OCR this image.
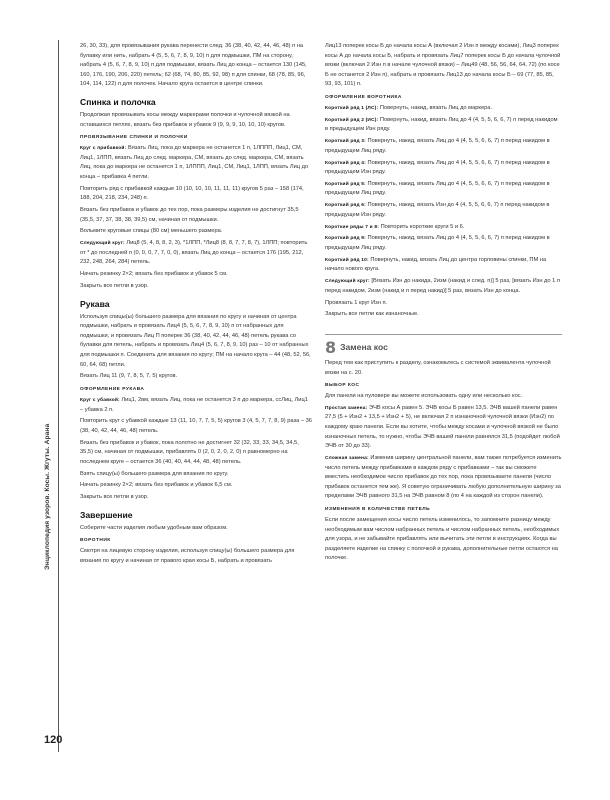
Энциклопедия узоров. Косы. Жгуты. Арана
120

26, 30, 33), для провязывания рукава перенести след. 36 (38, 40, 42, 44, 46, 48) п на булавку или нить, набрать 4 (5, 5, 6, 7, 8, 9, 10) п для подмышки, ПМ на сторону, набрать 4 (5, 6, 7, 8, 9, 10) п для подмышки, вязать Лиц до конца – остается 130 (145, 160, 176, 190, 206, 220) петель; 62 (68, 74, 80, 85, 92, 98) п для спинки, 68 (78, 85, 96, 104, 114, 122) п для полочек. Начало круга остается в центре спинки.

Спинка и полочка

Продолжая провязывать косы между маркерами полочки и чулочной вязкой на оставшихся петлях, вязать без прибавок и убавок 9 (9, 9, 9, 10, 10, 10) кругов.

ПРОВЯЗЫВАНИЕ СПИНКИ И ПОЛОЧКИ

Круг с прибавкой: Вязать Лиц, пока до маркера не останется 1 п, 1ЛППП, Лиц1, СМ, Лиц1, 1ЛПП, вязать Лиц до след. маркера, СМ, вязать до след. маркера, СМ, вязать Лиц, пока до маркера не останется 1 п, 1ЛППП, Лиц1, СМ, Лиц1, 1ЛПП, вязать Лиц до конца – прибавка 4 петли.

Повторить ряд с прибавкой каждые 10 (10, 10, 10, 11, 11, 11) кругов 5 раз – 158 (174, 188, 204, 218, 234, 248) п.

Вязать без прибавок и убавок до тех пор, пока размеры изделия не достигнут 35,5 (35,5, 37, 37, 38, 38, 39,5) см, начиная от подмышки.

Вольмите круговые спицы (80 см) меньшего размера.

Следующий круг: Лиц8 (5, 4, 8, 8, 2, 3), *1ЛПП, *Лиц8 (8, 8, 7, 7, 8, 7), 1ЛПП; повторить от * до последней п (0, 0, 0, 7, 7, 0, 0), вязать Лиц до конца – остается 176 (195, 212, 232, 248, 264, 284) петель.

Начать резинку 2×2; вязать без прибавок и убавок 5 см.

Закрыть все петли в узор.

Рукава

Используя спицы(ы) большего размера для вязания по кругу и начиная от центра подмышки, набрать и провязать Лиц4 (5, 5, 6, 7, 8, 9, 10) п от набранных для подмышки, и провязать Лиц П поперек 36 (38, 40, 42, 44, 46, 48) петель рукава со булавки для петель, набрать и провязать Лиц4 (5, 6, 7, 8, 9, 10) раз – 10 от набранных для подмышки п. Соединить для вязания по кругу; ПМ на начало круга – 44 (48, 52, 56, 60, 64, 68) петли.

Вязать Лиц 11 (9, 7, 8, 5, 7, 5) кругов.

ОФОРМЛЕНИЕ РУКАВА

Круг с убавкой: Лиц1, 2вм, вязать Лиц, пока не останется 3 п до маркера, ссЛиц, Лиц1 – убавка 2 п.

Повторить круг с убавкой каждые 13 (11, 10, 7, 7, 5, 5) кругов 3 (4, 5, 7, 7, 8, 9) раза – 36 (38, 40, 42, 44, 46, 48) петель.

Вязать без прибавок и убавок, пока полотно не достигнет 32 (32, 33, 33, 34,5, 34,5, 35,5) см, начиная от подмышки, прибавлять 0 (2, 0, 2, 0, 2, 0) п равномерно на последнем круге – остается 36 (40, 40, 44, 44, 48, 48) петель.

Взять спицу(ы) большего размера для вязания по кругу.

Начать резинку 2×2; вязать без прибавок и убавок 6,5 см.

Закрыть все петли в узор.

Завершение

Соберите части изделия любым удобным вам образом.

ВОРОТНИК

Смотря на лицевую сторону изделия, используя спицу(ы) большего размера для вязания по кругу и начиная от правого края косы Б, набрать и провязать

Лиц13 поперек косы Б до начала косы А (включая 2 Изн п между косами), Лиц3 поперек косы А до начала косы Б, набрать и провязать Лиц7 поперек косы Б до начала чулочной вязки (включая 2 Изн п в начале чулочной вязки) – Лиц49 (48, 56, 56, 64, 64, 72) (по косе Б не останется 2 Изн п), набрать и провязать Лиц13 до начала косы Б – 69 (77, 85, 85, 93, 93, 101) п.

ОФОРМЛЕНИЕ ВОРОТНИКА

Короткий ряд 1 (ЛС): Повернуть, накид, вязать Лиц до маркера.

Короткий ряд 2 (ИС): Повернуть, накид, вязать Лиц до 4 (4, 5, 5, 6, 6, 7) п перед накидом в предыдущем Изн ряду.

Короткий ряд 3: Повернуть, накид, вязать Лиц до 4 (4, 5, 5, 6, 6, 7) п перед накидом в предыдущем Лиц ряду.

Короткий ряд 4: Повернуть, накид, вязать Лиц до 4 (4, 5, 5, 6, 6, 7) п перед накидом в предыдущем Изн ряду.

Короткий ряд 5: Повернуть, накид, вязать Лиц до 4 (4, 5, 5, 6, 6, 7) п перед накидом в предыдущем Лиц ряду.

Короткий ряд 6: Повернуть, накид, вязать Изн до 4 (4, 5, 5, 6, 6, 7) п перед накидом в предыдущем Изн ряду.

Короткие ряды 7 и 8: Повторить короткие круги 5 и 6.

Короткий ряд 9: Повернуть, накид, вязать Лиц до 4 (4, 5, 5, 6, 6, 7) п перед накидом в предыдущем Лиц ряду.

Короткий ряд 10: Повернуть, накид, вязать Лиц до центра горловины спинки, ПМ на начало нового круга.

Следующий круг: [Вязать Изн до накида, 2изм (накид и след. п)] 5 раз, [вязать Изн до 1 п перед накидом, 2изм (накид и п перед накид)] 5 раз, вязать Изн до конца.

Провязать 1 круг Изн п.

Закрыть все петли как изнаночные.

8 Замена кос

Перед тем как приступить к разделу, ознакомьтесь с системой эквивалента чулочной вязки на с. 20.

ВЫБОР КОС

Для панели на пуловере вы можете использовать одну или несколько кос.

Простая замена: ЭЧВ косы А равен 5. ЭЧВ косы Б равен 13,5. ЭЧВ вашей панели равен 27,5 (5 + Изн2 + 13,5 + Изн2 + 5), не включая 2 п изнаночной чулочной вязки (Изн2) по каждому краю панели. Если вы хотите, чтобы между косами и чулочной вязкой не было изнаночных петель, то нужно, чтобы ЭЧВ вашей панели равнялся 31,5 (подойдет любой ЭЧВ от 30 до 33).

Сложная замена: Изменив ширину центральной панели, вам также потребуется изменить число петель между прибавками в каждом ряду с прибавками – так вы сможете вместить необходимое число прибавок до тех пор, пока провязываете панели (число прибавок останется тем же). Я советую ограничивать любую дополнительную ширину за пределами ЭЧВ равного 31,5 на ЭЧВ равном 8 (по 4 на каждой из сторон панели).

ИЗМЕНЕНИЯ В КОЛИЧЕСТВЕ ПЕТЕЛЬ

Если после замещения косы число петель изменилось, то запомните разницу между необходимым вам числом набранных петель и числом набранных петель, необходимых для узора, и не забывайте прибавлять или вычитать эти петли в инструкциях. Когда вы разделяете изделие на спинку с полочкой и рукава, дополнительные петли остаются на полочке.
